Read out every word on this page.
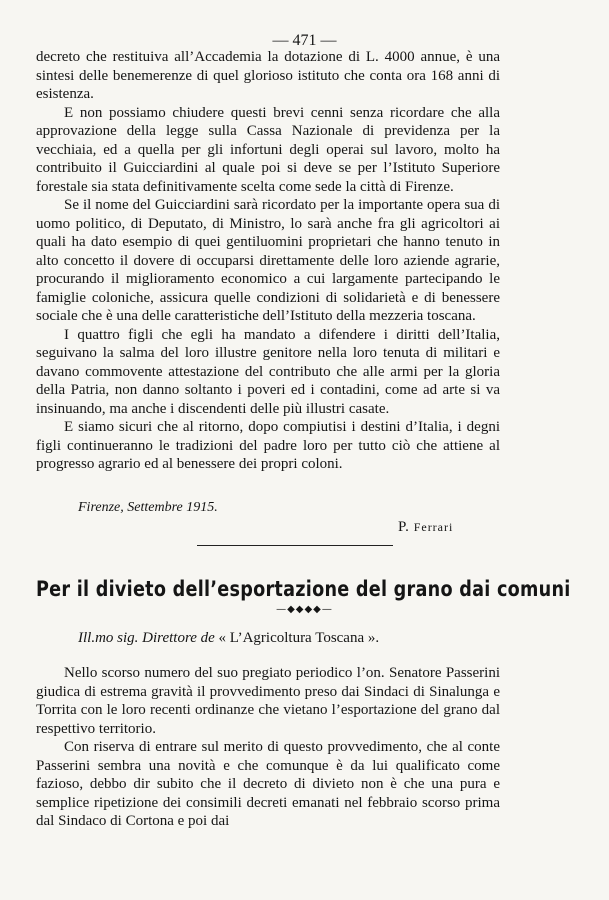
— 471 —

decreto che restituiva all’Accademia la dotazione di L. 4000 annue, è una sintesi delle benemerenze di quel glorioso istituto che conta ora 168 anni di esistenza.

E non possiamo chiudere questi brevi cenni senza ricordare che alla approvazione della legge sulla Cassa Nazionale di previdenza per la vecchiaia, ed a quella per gli infortuni degli operai sul lavoro, molto ha contribuito il Guicciardini al quale poi si deve se per l’Istituto Superiore forestale sia stata definitivamente scelta come sede la città di Firenze.

Se il nome del Guicciardini sarà ricordato per la importante opera sua di uomo politico, di Deputato, di Ministro, lo sarà anche fra gli agricoltori ai quali ha dato esempio di quei gentiluomini proprietari che hanno tenuto in alto concetto il dovere di occuparsi direttamente delle loro aziende agrarie, procurando il miglioramento economico a cui largamente partecipando le famiglie coloniche, assicura quelle condizioni di solidarietà e di benessere sociale che è una delle caratteristiche dell’Istituto della mezzeria toscana.

I quattro figli che egli ha mandato a difendere i diritti dell’Italia, seguivano la salma del loro illustre genitore nella loro tenuta di militari e davano commovente attestazione del contributo che alle armi per la gloria della Patria, non danno soltanto i poveri ed i contadini, come ad arte si va insinuando, ma anche i discendenti delle più illustri casate.

E siamo sicuri che al ritorno, dopo compiutisi i destini d’Italia, i degni figli continueranno le tradizioni del padre loro per tutto ciò che attiene al progresso agrario ed al benessere dei propri coloni.

Firenze, Settembre 1915.
P. Ferrari
Per il divieto dell’esportazione del grano dai comuni
—◆◆◆◆—
Ill.mo sig. Direttore de « L’Agricoltura Toscana ».

Nello scorso numero del suo pregiato periodico l’on. Senatore Passerini giudica di estrema gravità il provvedimento preso dai Sindaci di Sinalunga e Torrita con le loro recenti ordinanze che vietano l’esportazione del grano dal respettivo territorio.

Con riserva di entrare sul merito di questo provvedimento, che al conte Passerini sembra una novità e che comunque è da lui qualificato come fazioso, debbo dir subito che il decreto di divieto non è che una pura e semplice ripetizione dei consimili decreti emanati nel febbraio scorso prima dal Sindaco di Cortona e poi dai
